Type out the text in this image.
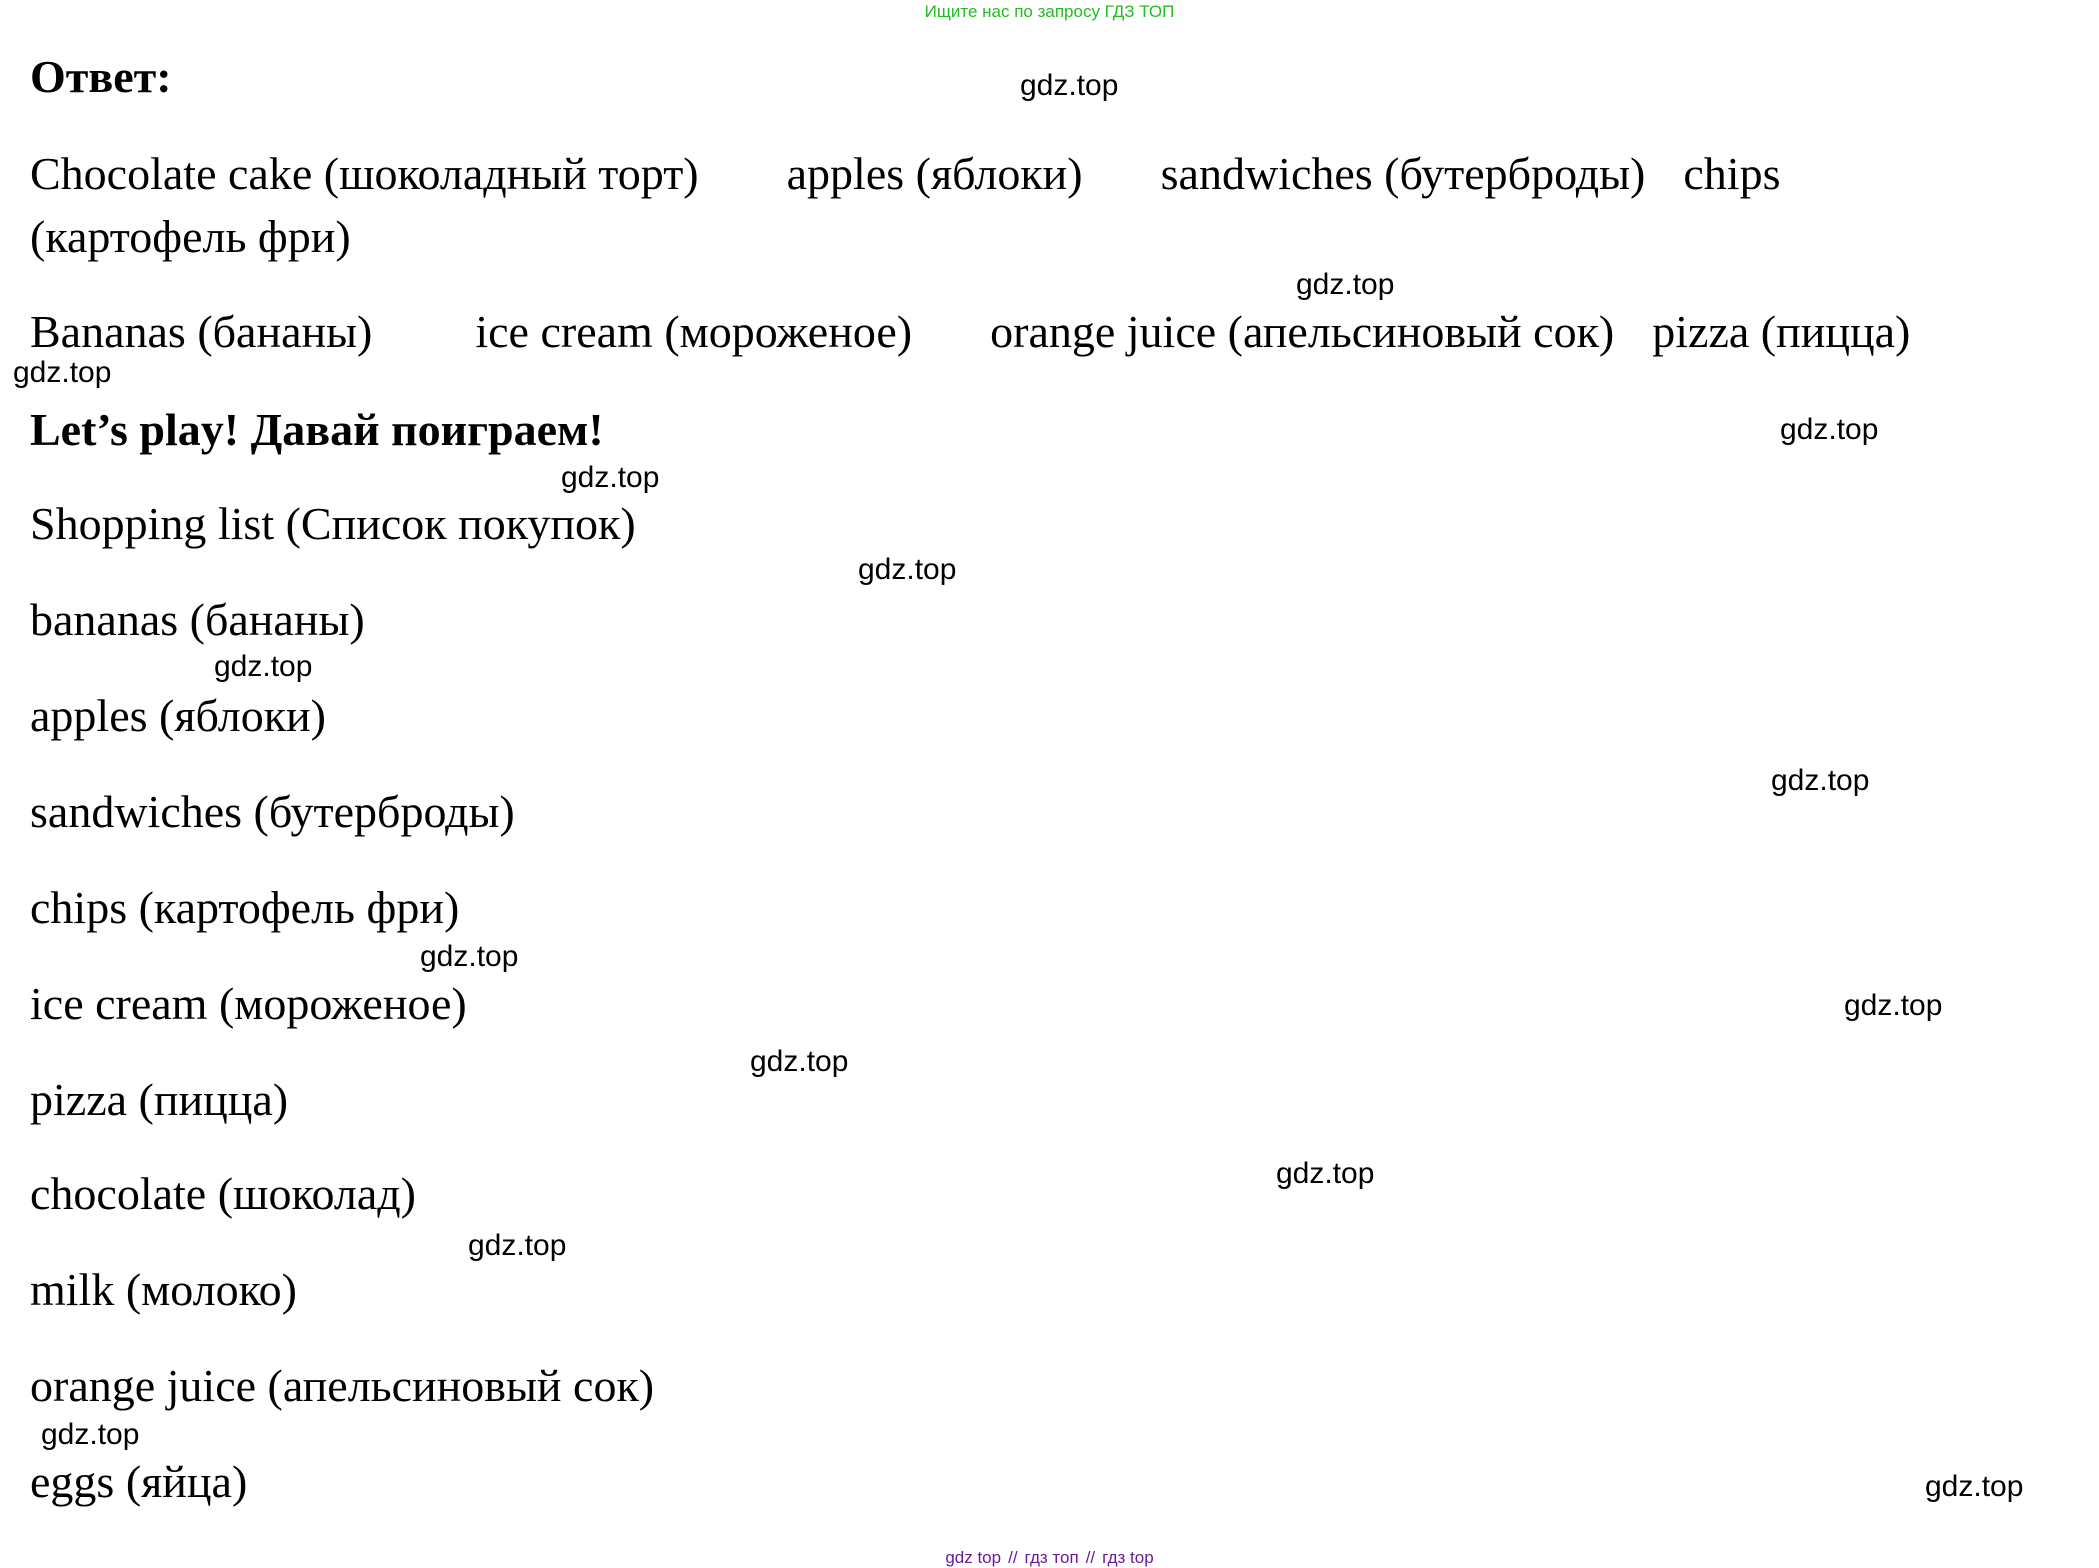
Ищите нас по запросу ГДЗ ТОП
Ответ:
Chocolate cake (шоколадный торт) apples (яблоки) sandwiches (бутерброды) chips
(картофель фри)
Bananas (бананы) ice cream (мороженое) orange juice (апельсиновый сок) pizza (пицца)
Let’s play! Давай поиграем!
Shopping list (Список покупок)
bananas (бананы)
apples (яблоки)
sandwiches (бутерброды)
chips (картофель фри)
ice cream (мороженое)
pizza (пицца)
chocolate (шоколад)
milk (молоко)
orange juice (апельсиновый сок)
eggs (яйца)
gdz.top
gdz.top
gdz.top
gdz.top
gdz.top
gdz.top
gdz.top
gdz.top
gdz.top
gdz.top
gdz.top
gdz.top
gdz.top
gdz.top
gdz.top
gdz top // гдз топ // гдз top
